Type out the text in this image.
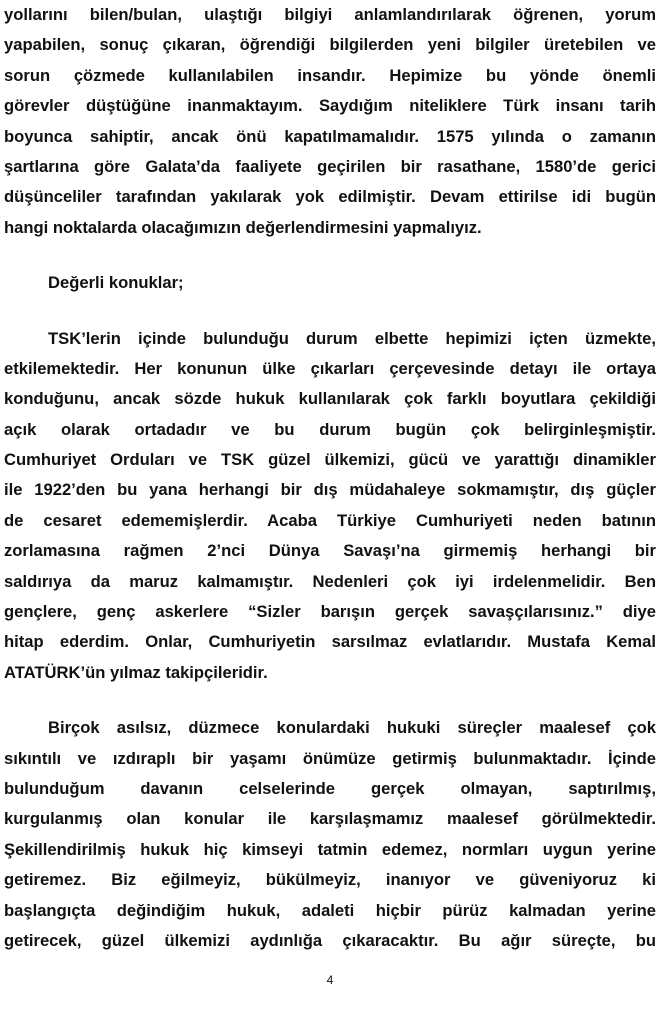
yollarını bilen/bulan, ulaştığı bilgiyi anlamlandırılarak öğrenen, yorum
yapabilen, sonuç çıkaran, öğrendiği bilgilerden yeni bilgiler üretebilen ve
sorun çözmede kullanılabilen insandır. Hepimize bu yönde önemli
görevler düştüğüne inanmaktayım. Saydığım niteliklere Türk insanı tarih
boyunca sahiptir, ancak önü kapatılmamalıdır. 1575 yılında o zamanın
şartlarına göre Galata’da faaliyete geçirilen bir rasathane, 1580’de gerici
düşünceliler tarafından yakılarak yok edilmiştir. Devam ettirilse idi bugün
hangi noktalarda olacağımızın değerlendirmesini yapmalıyız.
Değerli konuklar;
TSK’lerin içinde bulunduğu durum elbette hepimizi içten üzmekte,
etkilemektedir. Her konunun ülke çıkarları çerçevesinde detayı ile ortaya
konduğunu, ancak sözde hukuk kullanılarak çok farklı boyutlara çekildiği
açık olarak ortadadır ve bu durum bugün çok belirginleşmiştir.
Cumhuriyet Orduları ve TSK güzel ülkemizi, gücü ve yarattığı dinamikler
ile 1922’den bu yana herhangi bir dış müdahaleye sokmamıştır, dış güçler
de cesaret edememişlerdir. Acaba Türkiye Cumhuriyeti neden batının
zorlamasına rağmen 2’nci Dünya Savaşı’na girmemiş herhangi bir
saldırıya da maruz kalmamıştır. Nedenleri çok iyi irdelenmelidir. Ben
gençlere, genç askerlere “Sizler barışın gerçek savaşçılarısınız.” diye
hitap ederdim. Onlar, Cumhuriyetin sarsılmaz evlatlarıdır. Mustafa Kemal
ATATÜRK’ün yılmaz takipçileridir.
Birçok asılsız, düzmece konulardaki hukuki süreçler maalesef çok
sıkıntılı ve ızdıraplı bir yaşamı önümüze getirmiş bulunmaktadır. İçinde
bulunduğum davanın celselerinde gerçek olmayan, saptırılmış,
kurgulanmış olan konular ile karşılaşmamız maalesef görülmektedir.
Şekillendirilmiş hukuk hiç kimseyi tatmin edemez, normları uygun yerine
getiremez. Biz eğilmeyiz, bükülmeyiz, inanıyor ve güveniyoruz ki
başlangıçta değindiğim hukuk, adaleti hiçbir pürüz kalmadan yerine
getirecek, güzel ülkemizi aydınlığa çıkaracaktır. Bu ağır süreçte, bu
4
